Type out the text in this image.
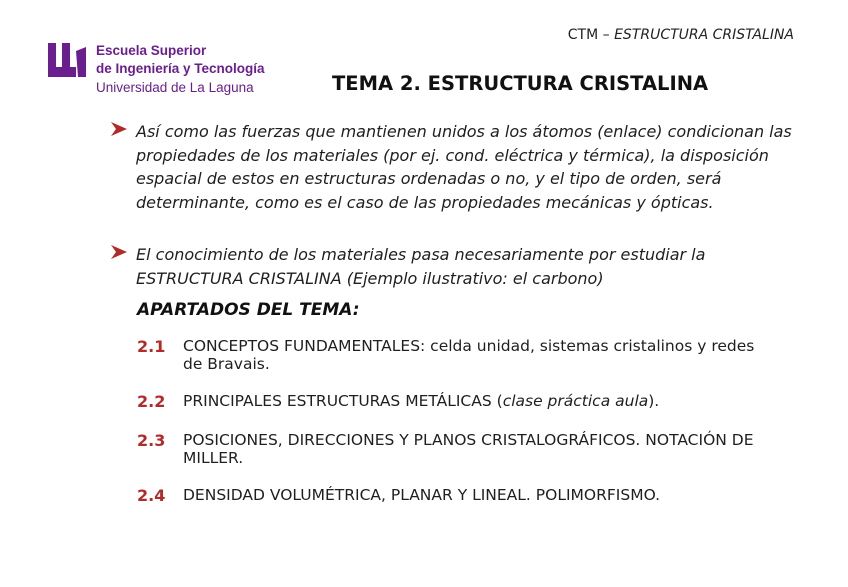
CTM – ESTRUCTURA CRISTALINA
Escuela Superior
de Ingeniería y Tecnología
Universidad de La Laguna	TEMA 2. ESTRUCTURA CRISTALINA
Así como las fuerzas que mantienen unidos a los átomos (enlace) condicionan las propiedades de los materiales (por ej. cond. eléctrica y térmica), la disposición espacial de estos en estructuras ordenadas o no, y el tipo de orden, será determinante, como es el caso de las propiedades mecánicas y ópticas.
El conocimiento de los materiales pasa necesariamente por estudiar la ESTRUCTURA CRISTALINA (Ejemplo ilustrativo: el carbono)
APARTADOS DEL TEMA:
2.1 CONCEPTOS FUNDAMENTALES: celda unidad, sistemas cristalinos y redes de Bravais.
2.2 PRINCIPALES ESTRUCTURAS METÁLICAS (clase práctica aula).
2.3 POSICIONES, DIRECCIONES Y PLANOS CRISTALOGRÁFICOS. NOTACIÓN DE MILLER.
2.4 DENSIDAD VOLUMÉTRICA, PLANAR Y LINEAL. POLIMORFISMO.
